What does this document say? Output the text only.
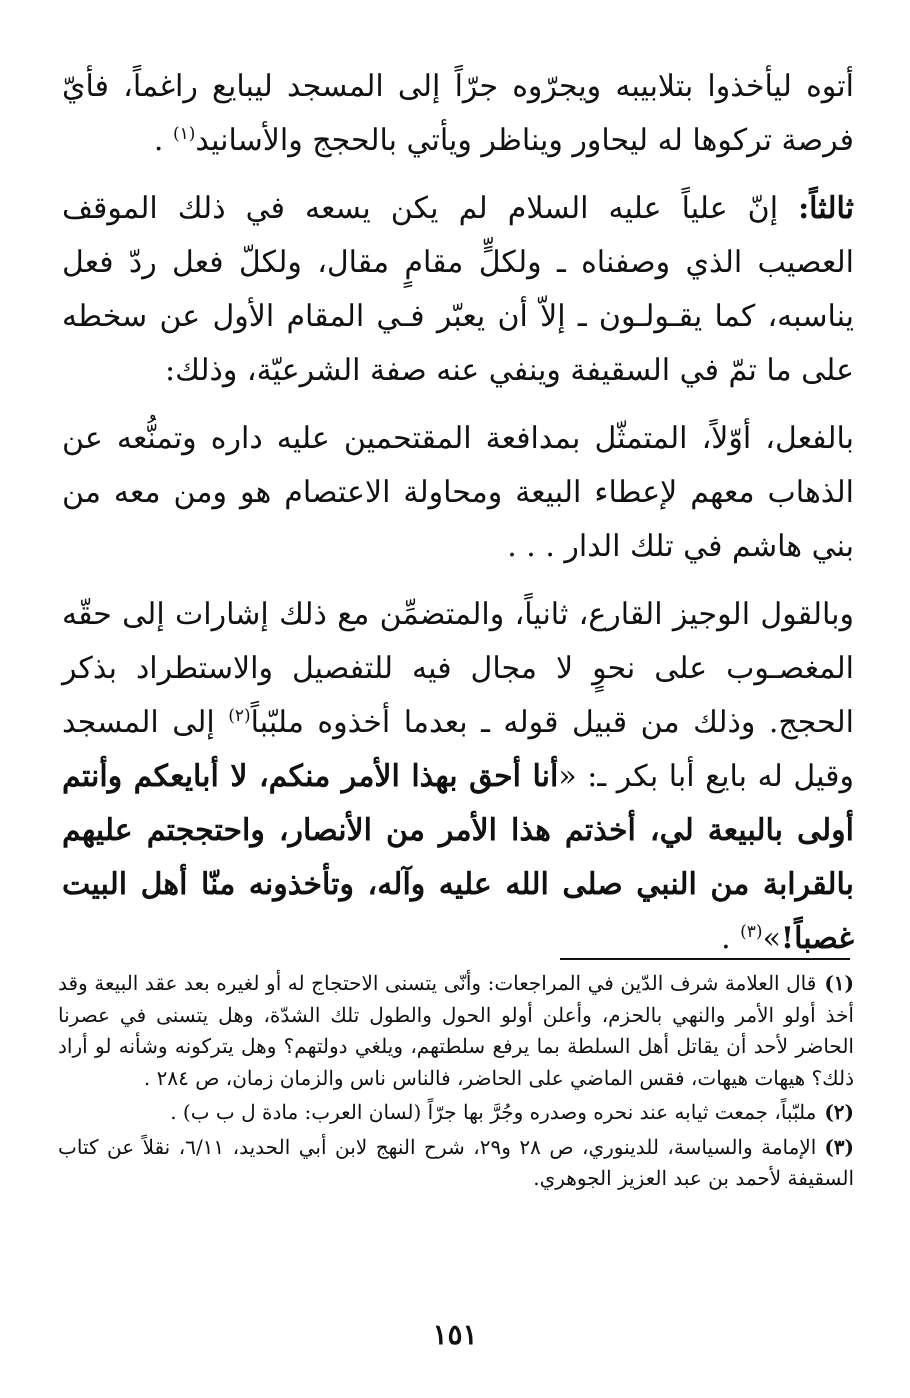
أتوه ليأخذوا بتلابيبه ويجرّوه جرّاً إلى المسجد ليبايع راغماً، فأيّ فرصة تركوها له ليحاور ويناظر ويأتي بالحجج والأسانيد$^{(١)}$ .

ثالثاً: إنّ علياً عليه السلام لم يكن يسعه في ذلك الموقف العصيب الذي وصفناه ـ ولكلٍّ مقامٍ مقال، ولكلّ فعل ردّ فعل يناسبه، كما يقـولـون ـ إلاّ أن يعبّر فـي المقام الأول عن سخطه على ما تمّ في السقيفة وينفي عنه صفة الشرعيّة، وذلك:

بالفعل، أوّلاً، المتمثّل بمدافعة المقتحمين عليه داره وتمنُّعه عن الذهاب معهم لإعطاء البيعة ومحاولة الاعتصام هو ومن معه من بني هاشم في تلك الدار . . .

وبالقول الوجيز القارع، ثانياً، والمتضمِّن مع ذلك إشارات إلى حقّه المغصـوب على نحوٍ لا مجال فيه للتفصيل والاستطراد بذكر الحجج. وذلك من قبيل قوله ـ بعدما أخذوه ملبّباً$^{(٢)}$ إلى المسجد وقيل له بايع أبا بكر ـ: «أنا أحق بهذا الأمر منكم، لا أبايعكم وأنتم أولى بالبيعة لي، أخذتم هذا الأمر من الأنصار، واحتججتم عليهم بالقرابة من النبي صلى الله عليه وآله، وتأخذونه منّا أهل البيت غصباً!»$^{(٣)}$ .

(١)قال العلامة شرف الدّين في المراجعات: وأنّى يتسنى الاحتجاج له أو لغيره بعد عقد البيعة وقد أخذ أولو الأمر والنهي بالحزم، وأعلن أولو الحول والطول تلك الشدّة، وهل يتسنى في عصرنا الحاضر لأحد أن يقاتل أهل السلطة بما يرفع سلطتهم، ويلغي دولتهم؟ وهل يتركونه وشأنه لو أراد ذلك؟ هيهات هيهات، فقس الماضي على الحاضر، فالناس ناس والزمان زمان، ص ٢٨٤ .

(٢)ملبّباً، جمعت ثيابه عند نحره وصدره وجُرَّ بها جرّاً (لسان العرب: مادة ل ب ب) .

(٣)الإمامة والسياسة، للدينوري، ص ٢٨ و٢٩، شرح النهج لابن أبي الحديد، ٦/١١، نقلاً عن كتاب السقيفة لأحمد بن عبد العزيز الجوهري.

١٥١
